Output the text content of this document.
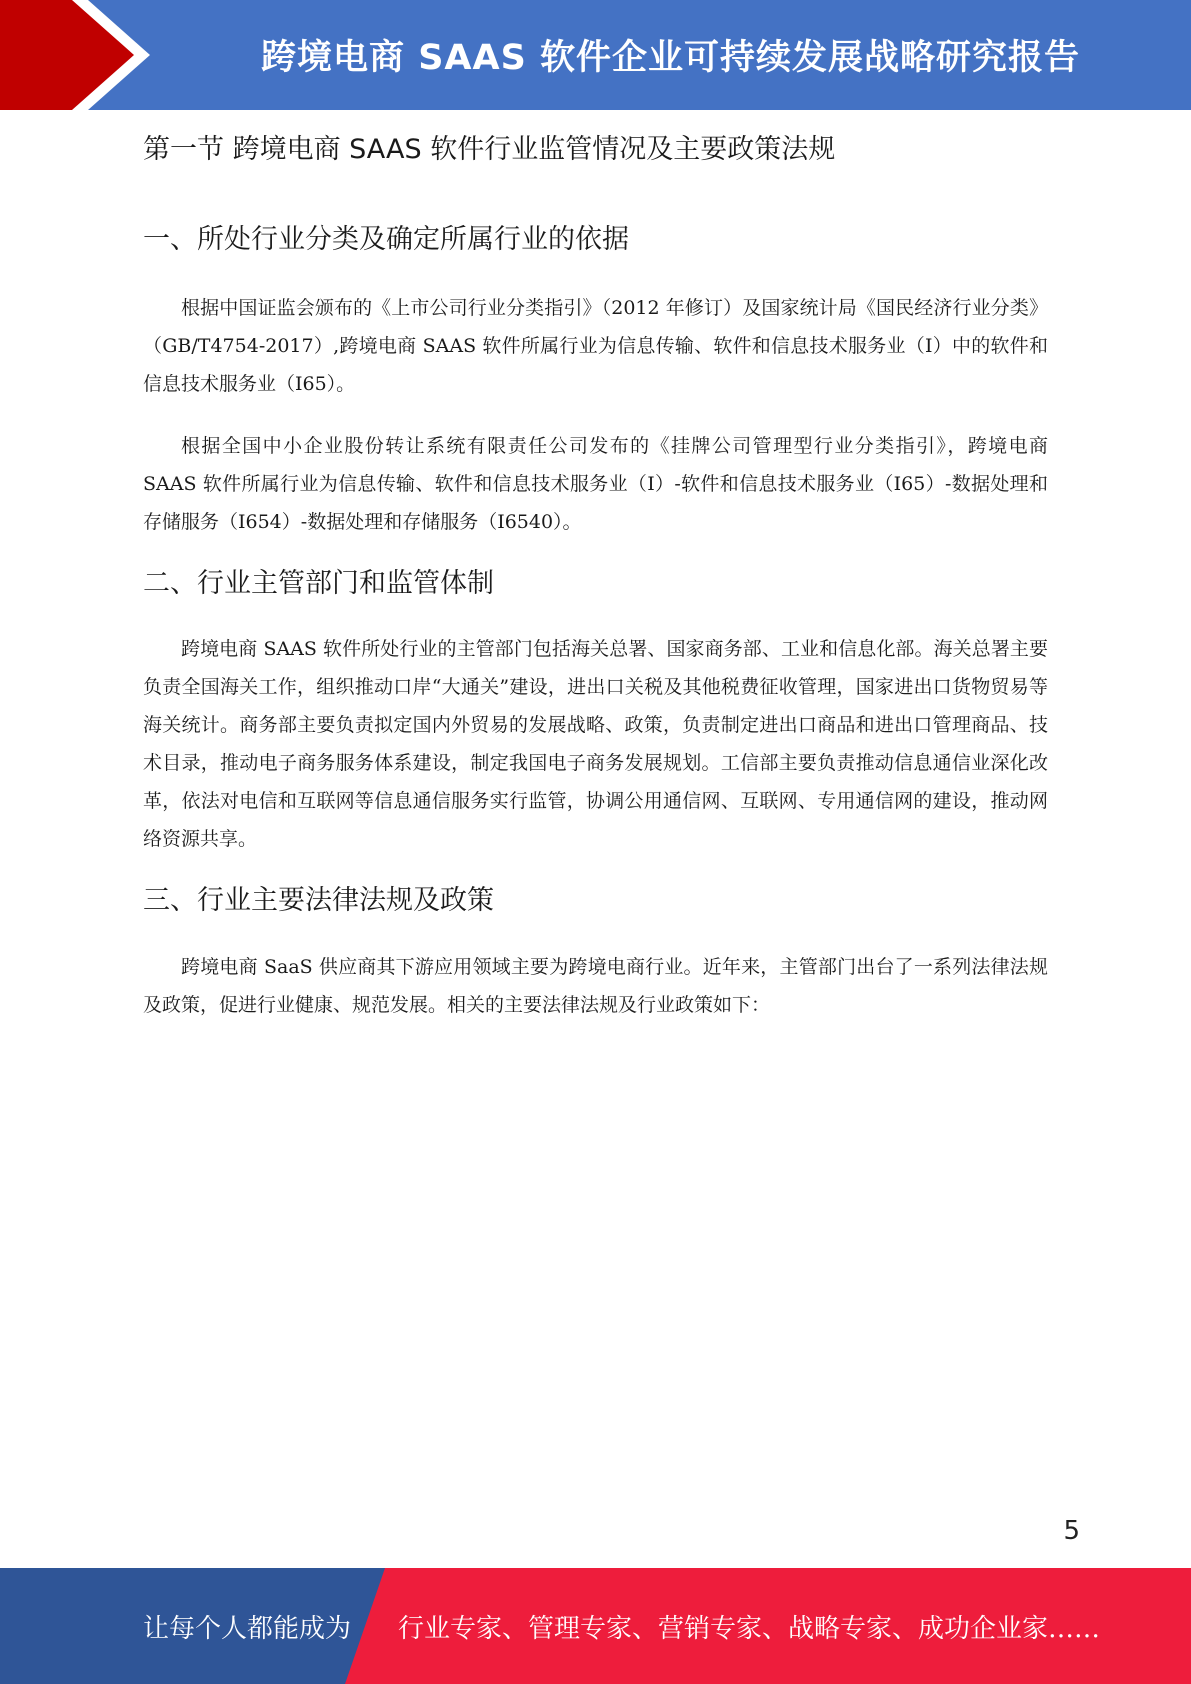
跨境电商 SAAS 软件企业可持续发展战略研究报告
第一节 跨境电商 SAAS 软件行业监管情况及主要政策法规
一、所处行业分类及确定所属行业的依据

根据中国证监会颁布的《上市公司行业分类指引》（2012 年修订）及国家统计局《国民经济行业分类》（GB/T4754-2017）,跨境电商 SAAS 软件所属行业为信息传输、软件和信息技术服务业（I）中的软件和信息技术服务业（I65）。

根据全国中小企业股份转让系统有限责任公司发布的《挂牌公司管理型行业分类指引》，跨境电商 SAAS 软件所属行业为信息传输、软件和信息技术服务业（I）-软件和信息技术服务业（I65）-数据处理和存储服务（I654）-数据处理和存储服务（I6540）。

二、行业主管部门和监管体制

跨境电商 SAAS 软件所处行业的主管部门包括海关总署、国家商务部、工业和信息化部。海关总署主要负责全国海关工作，组织推动口岸“大通关”建设，进出口关税及其他税费征收管理，国家进出口货物贸易等海关统计。商务部主要负责拟定国内外贸易的发展战略、政策，负责制定进出口商品和进出口管理商品、技术目录，推动电子商务服务体系建设，制定我国电子商务发展规划。工信部主要负责推动信息通信业深化改革，依法对电信和互联网等信息通信服务实行监管，协调公用通信网、互联网、专用通信网的建设，推动网络资源共享。

三、行业主要法律法规及政策

跨境电商 SaaS 供应商其下游应用领域主要为跨境电商行业。近年来，主管部门出台了一系列法律法规及政策，促进行业健康、规范发展。相关的主要法律法规及行业政策如下：

5
让每个人都能成为 行业专家、管理专家、营销专家、战略专家、成功企业家……
